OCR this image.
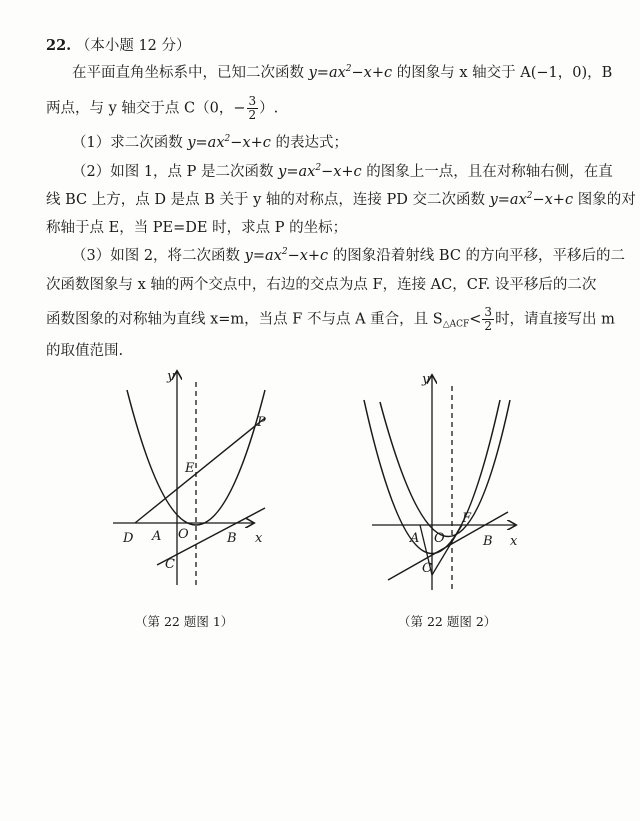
22. （本小题 12 分）
在平面直角坐标系中，已知二次函数 $y=ax^2-x+c$ 的图象与 x 轴交于 A(−1，0)，B
两点，与 y 轴交于点 C（0，− $\frac{3}{2}$ ）.
（1）求二次函数 $y=ax^2-x+c$ 的表达式；
（2）如图 1，点 P 是二次函数 $y=ax^2-x+c$ 的图象上一点，且在对称轴右侧，在直
线 BC 上方，点 D 是点 B 关于 y 轴的对称点，连接 PD 交二次函数 $y=ax^2-x+c$ 图象的对
称轴于点 E，当 PE=DE 时，求点 P 的坐标；
（3）如图 2，将二次函数 $y=ax^2-x+c$ 的图象沿着射线 BC 的方向平移，平移后的二
次函数图象与 x 轴的两个交点中，右边的交点为点 F，连接 AC，CF. 设平移后的二次
函数图象的对称轴为直线 x=m，当点 F 不与点 A 重合，且 $S_{\triangle ACF}< \frac{3}{2}$ 时，请直接写出 m
的取值范围.
y
x
P
E
D A O	B
C
（第 22 题图 1）
y
x
F
A O	B
C
（第 22 题图 2）
